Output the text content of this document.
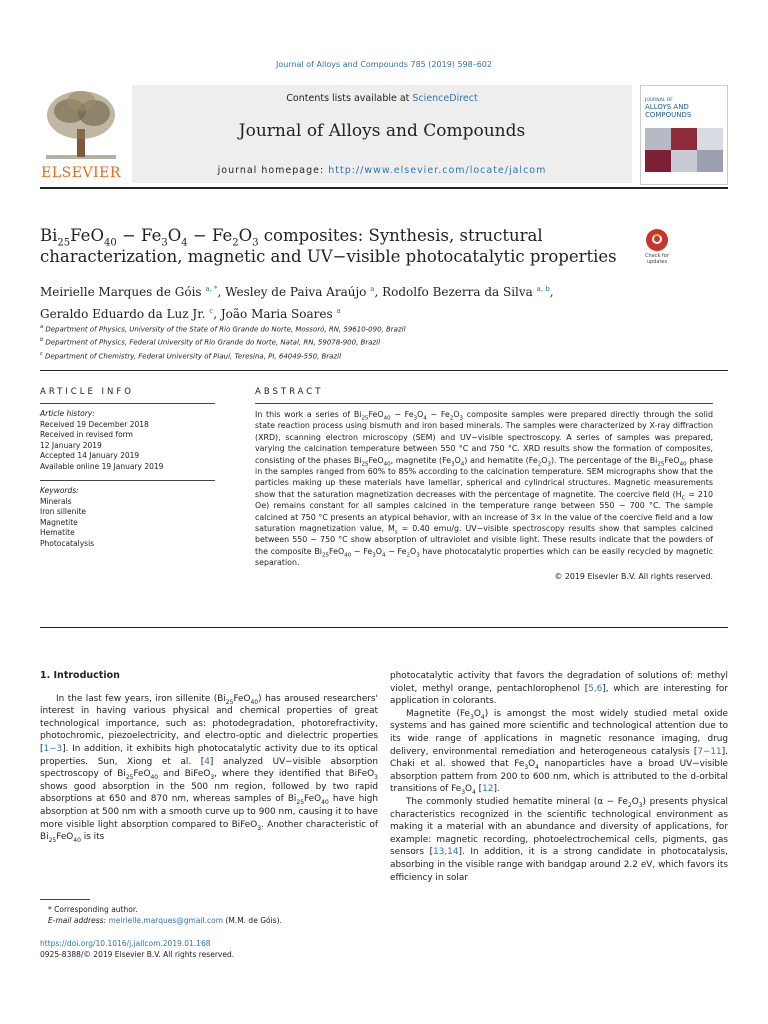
Journal of Alloys and Compounds 785 (2019) 598–602
ELSEVIER
Contents lists available at ScienceDirect
Journal of Alloys and Compounds
journal homepage: http://www.elsevier.com/locate/jalcom
JOURNAL OF
ALLOYS AND COMPOUNDS
$Bi_{25}FeO_{40} - Fe_3O_4 - Fe_2O_3$ composites: Synthesis, structural characterization, magnetic and UV−visible photocatalytic properties	Check for updates
Meirielle Marques de Góis $^{a, *}$, Wesley de Paiva Araújo $^a$, Rodolfo Bezerra da Silva $^{a, b}$,
Geraldo Eduardo da Luz Jr. $^c$, João Maria Soares $^a$
$^a$ Department of Physics, University of the State of Rio Grande do Norte, Mossoró, RN, 59610-090, Brazil
$^b$ Department of Physics, Federal University of Rio Grande do Norte, Natal, RN, 59078-900, Brazil
$^c$ Department of Chemistry, Federal University of Piauí, Teresina, PI, 64049-550, Brazil
ARTICLE INFO	ABSTRACT
Article history:
Received 19 December 2018
Received in revised form
12 January 2019
Accepted 14 January 2019
Available online 19 January 2019
Keywords:
Minerals
Iron sillenite
Magnetite
Hematite
Photocatalysis
In this work a series of $Bi_{25}FeO_{40} - Fe_3O_4 - Fe_2O_3$ composite samples were prepared directly through the solid state reaction process using bismuth and iron based minerals. The samples were characterized by X-ray diffraction (XRD), scanning electron microscopy (SEM) and UV−visible spectroscopy. A series of samples was prepared, varying the calcination temperature between 550 °C and 750 °C. XRD results show the formation of composites, consisting of the phases $Bi_{25}FeO_{40}$, magnetite $(Fe_3O_4)$ and hematite $(Fe_2O_3)$. The percentage of the $Bi_{25}FeO_{40}$ phase in the samples ranged from 60% to 85% according to the calcination temperature. SEM micrographs show that the particles making up these materials have lamellar, spherical and cylindrical structures. Magnetic measurements show that the saturation magnetization decreases with the percentage of magnetite. The coercive field ($H_C = 210$ Oe) remains constant for all samples calcined in the temperature range between 550 − 700 °C. The sample calcined at 750 °C presents an atypical behavior, with an increase of 3× in the value of the coercive field and a low saturation magnetization value, $M_s = 0.40$ emu/g. UV−visible spectroscopy results show that samples calcined between 550 − 750 °C show absorption of ultraviolet and visible light. These results indicate that the powders of the composite $Bi_{25}FeO_{40} - Fe_3O_4 - Fe_2O_3$ have photocatalytic properties which can be easily recycled by magnetic separation.
© 2019 Elsevier B.V. All rights reserved.
1. Introduction

In the last few years, iron sillenite $(Bi_{25}FeO_{40})$ has aroused researchers' interest in having various physical and chemical properties of great technological importance, such as: photodegradation, photorefractivity, photochromic, piezoelectricity, and electro-optic and dielectric properties [1−3]. In addition, it exhibits high photocatalytic activity due to its optical properties. Sun, Xiong et al. [4] analyzed UV−visible absorption spectroscopy of $Bi_{25}FeO_{40}$ and BiFeO$_3$, where they identified that BiFeO$_3$ shows good absorption in the 500 nm region, followed by two rapid absorptions at 650 and 870 nm, whereas samples of $Bi_{25}FeO_{40}$ have high absorption at 500 nm with a smooth curve up to 900 nm, causing it to have more visible light absorption compared to BiFeO$_3$. Another characteristic of $Bi_{25}FeO_{40}$ is its

photocatalytic activity that favors the degradation of solutions of: methyl violet, methyl orange, pentachlorophenol [5,6], which are interesting for application in colorants.

Magnetite $(Fe_3O_4)$ is amongst the most widely studied metal oxide systems and has gained more scientific and technological attention due to its wide range of applications in magnetic resonance imaging, drug delivery, environmental remediation and heterogeneous catalysis [7−11]. Chaki et al. showed that $Fe_3O_4$ nanoparticles have a broad UV−visible absorption pattern from 200 to 600 nm, which is attributed to the d-orbital transitions of $Fe_3O_4$ [12].

The commonly studied hematite mineral $(\alpha - Fe_2O_3)$ presents physical characteristics recognized in the scientific technological environment as making it a material with an abundance and diversity of applications, for example: magnetic recording, photoelectrochemical cells, pigments, gas sensors [13,14]. In addition, it is a strong candidate in photocatalysis, absorbing in the visible range with bandgap around 2.2 eV, which favors its efficiency in solar

* Corresponding author.
E-mail address: meirielle.marques@gmail.com (M.M. de Góis).
https://doi.org/10.1016/j.jallcom.2019.01.168
0925-8388/© 2019 Elsevier B.V. All rights reserved.
